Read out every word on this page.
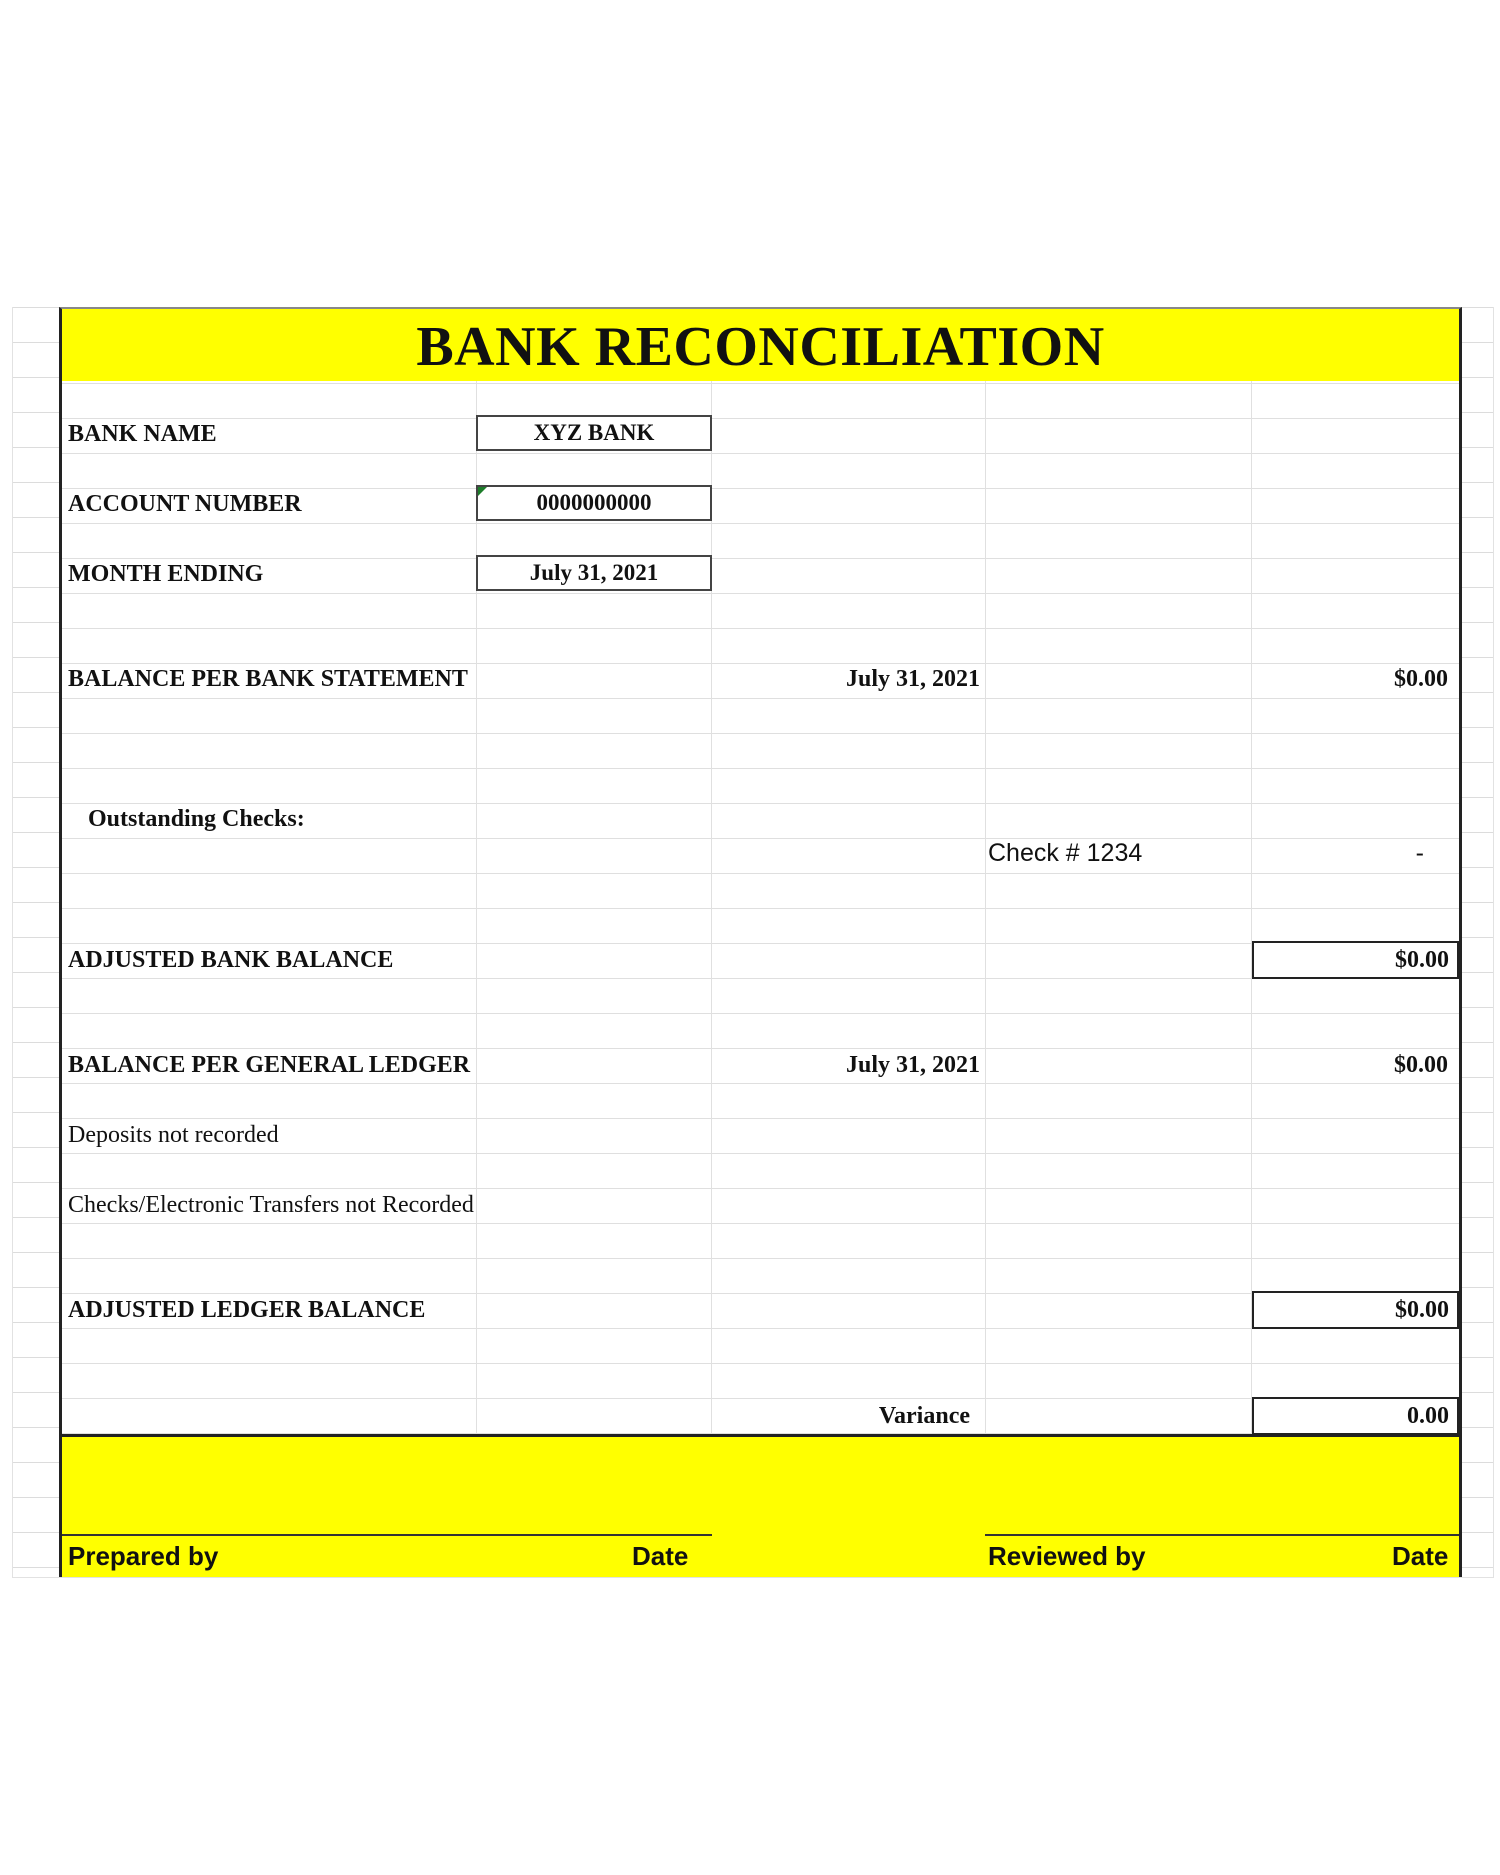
BANK RECONCILIATION
BANK NAME	XYZ BANK
ACCOUNT NUMBER	0000000000
MONTH ENDING	July 31, 2021
BALANCE PER BANK STATEMENT	July 31, 2021	$0.00
Outstanding Checks:
Check # 1234	-
ADJUSTED BANK BALANCE	$0.00
BALANCE PER GENERAL LEDGER	July 31, 2021	$0.00
Deposits not recorded
Checks/Electronic Transfers not Recorded
ADJUSTED LEDGER BALANCE	$0.00
Variance	0.00
Prepared by	Date	Reviewed by	Date
